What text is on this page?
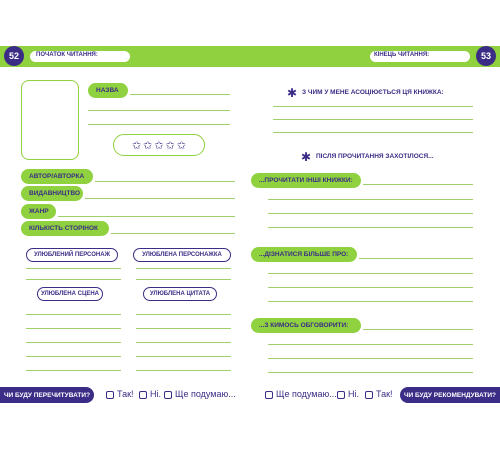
52	53
ПОЧАТОК ЧИТАННЯ:	КІНЕЦЬ ЧИТАННЯ:
НАЗВА
✩ ✩ ✩ ✩ ✩
АВТОР/АВТОРКА
ВИДАВНИЦТВО
ЖАНР
КІЛЬКІСТЬ СТОРІНОК
УЛЮБЛЕНИЙ ПЕРСОНАЖ	УЛЮБЛЕНА ПЕРСОНАЖКА
УЛЮБЛЕНА СЦЕНА	УЛЮБЛЕНА ЦИТАТА
ЧИ БУДУ ПЕРЕЧИТУВАТИ?	Так! Ні. Ще подумаю...
✱ З ЧИМ У МЕНЕ АСОЦІЮЄТЬСЯ ЦЯ КНИЖКА:
✱ ПІСЛЯ ПРОЧИТАННЯ ЗАХОТІЛОСЯ...
...ПРОЧИТАТИ ІНШІ КНИЖКИ:
...ДІЗНАТИСЯ БІЛЬШЕ ПРО:
...З КИМОСЬ ОБГОВОРИТИ:
Ще подумаю... Ні. Так!	ЧИ БУДУ РЕКОМЕНДУВАТИ?
